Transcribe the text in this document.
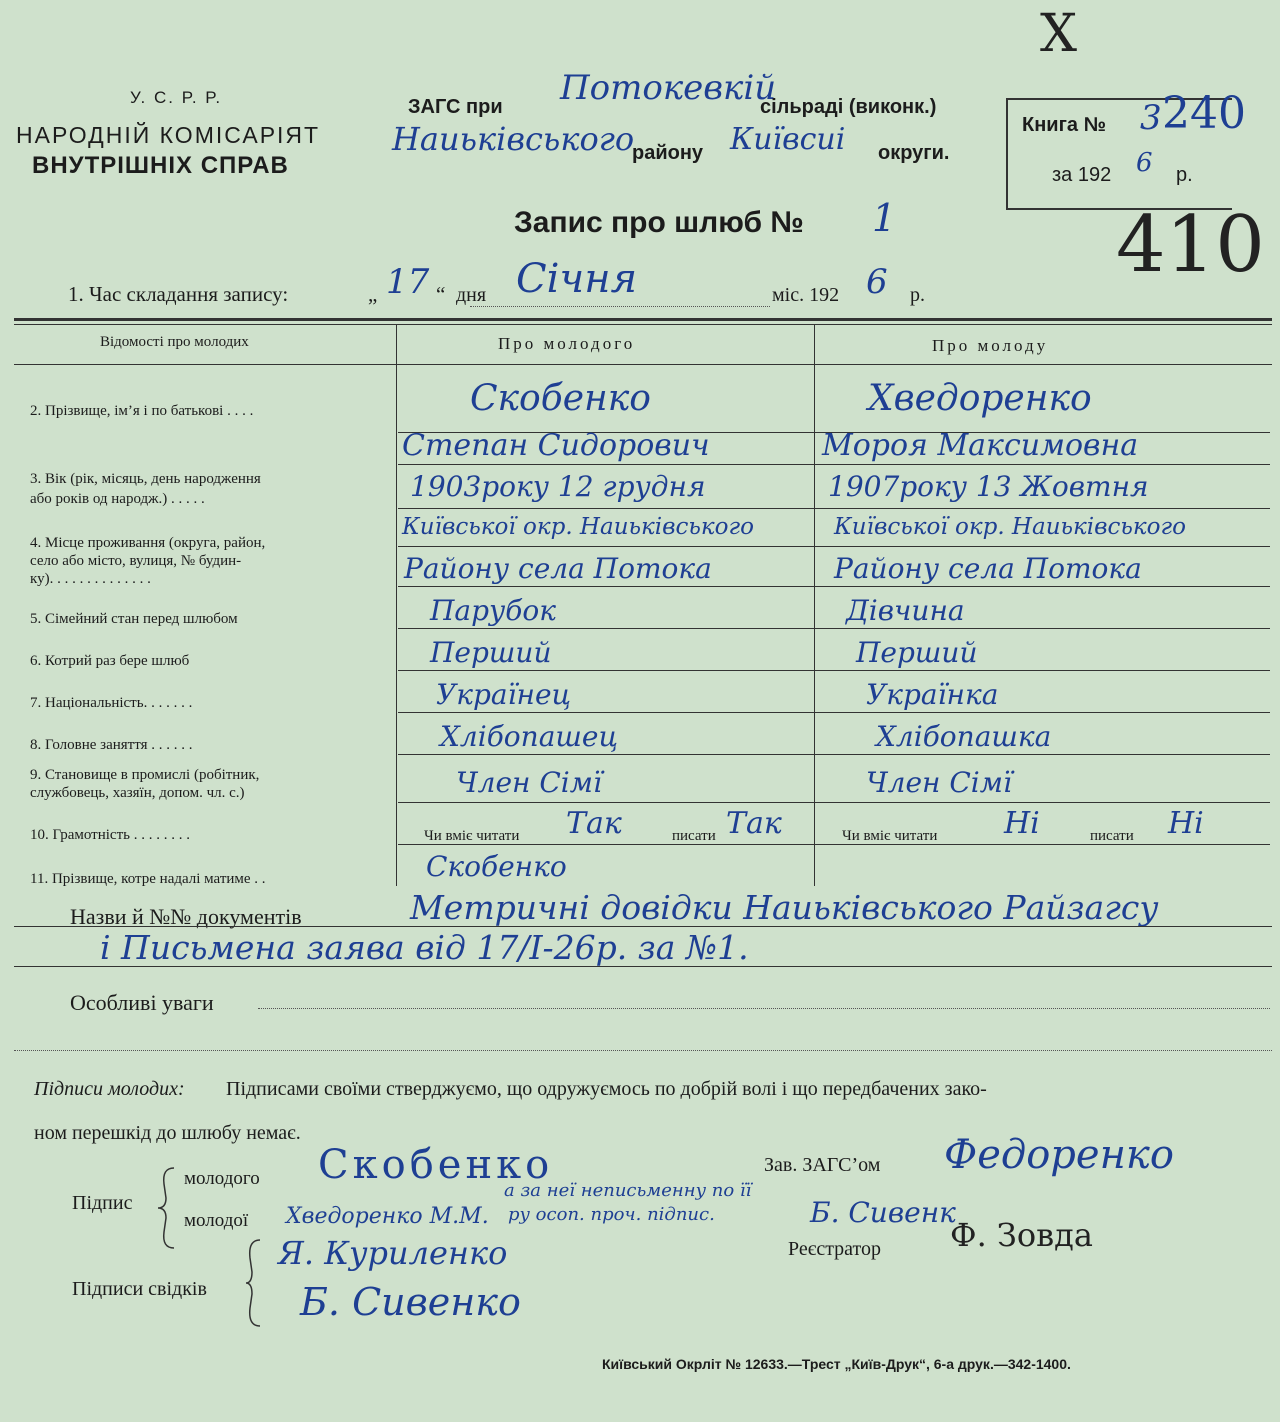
X
У. С. Р. Р.
НАРОДНІЙ КОМІСАРІЯТ
ВНУТРІШНІХ СПРАВ
ЗАГС при Потокевкій
сільраді (виконк.)
Наиьківського
району Київсиі округи.
Книга № 3 240
за 192 6 р.
410
Запис про шлюб № 1
1. Час складання запису:	„ 17 “ дня Січня	міс. 192 6 р.
Відомості про молодих	Про молодого	Про молоду
2. Прізвище, ім’я і по батькові . . . .	Скобенко	Хведоренко
Степан Сидорович	Мороя Максимовна
3. Вік (рік, місяць, день народження
або років од народж.) . . . . .	1903року 12 грудня	1907року 13 Жовтня
4. Місце проживання (округа, район,
село або місто, вулиця, № будин-
ку). . . . . . . . . . . . . .
Київської окр. Наиьківського	Київської окр. Наиьківського
Району села Потока	Району села Потока
5. Сімейний стан перед шлюбом	Парубок	Дівчина
6. Котрий раз бере шлюб	Перший	Перший
7. Національність. . . . . . .	Українец	Українка
8. Головне заняття . . . . . .	Хлібопашец	Хлібопашка
9. Становище в промислі (робітник,
службовець, хазяїн, допом. чл. с.)	Член Сімї	Член Сімї
10. Грамотність . . . . . . . .	Чи вміє читати Так	писати Так	Чи вміє читати Ні	писати Ні
11. Прізвище, котре надалі матиме . .	Скобенко
Назви й №№ документів	Метричні довідки Наиьківського Райзагсу
і Письмена заява від 17/I-26р. за №1.
Особливі уваги
Підписи молодих: Підписами своїми стверджуємо, що одружуємось по добрій волі і що передбачених зако-
ном перешкід до шлюбу немає.
Підпис
молодого Скобенко
молодої Хведоренко М.М.
а за неї неписьменну по її
ру осоп. проч. підпис.	Б. Сивенк
Зав. ЗАГС’ом Федоренко
Реєстратор Ф. Зовда
Підписи свідків
Я. Куриленко
Б. Сивенко
Київський Окрліт № 12633.—Трест „Київ-Друк“, 6-а друк.—342-1400.
